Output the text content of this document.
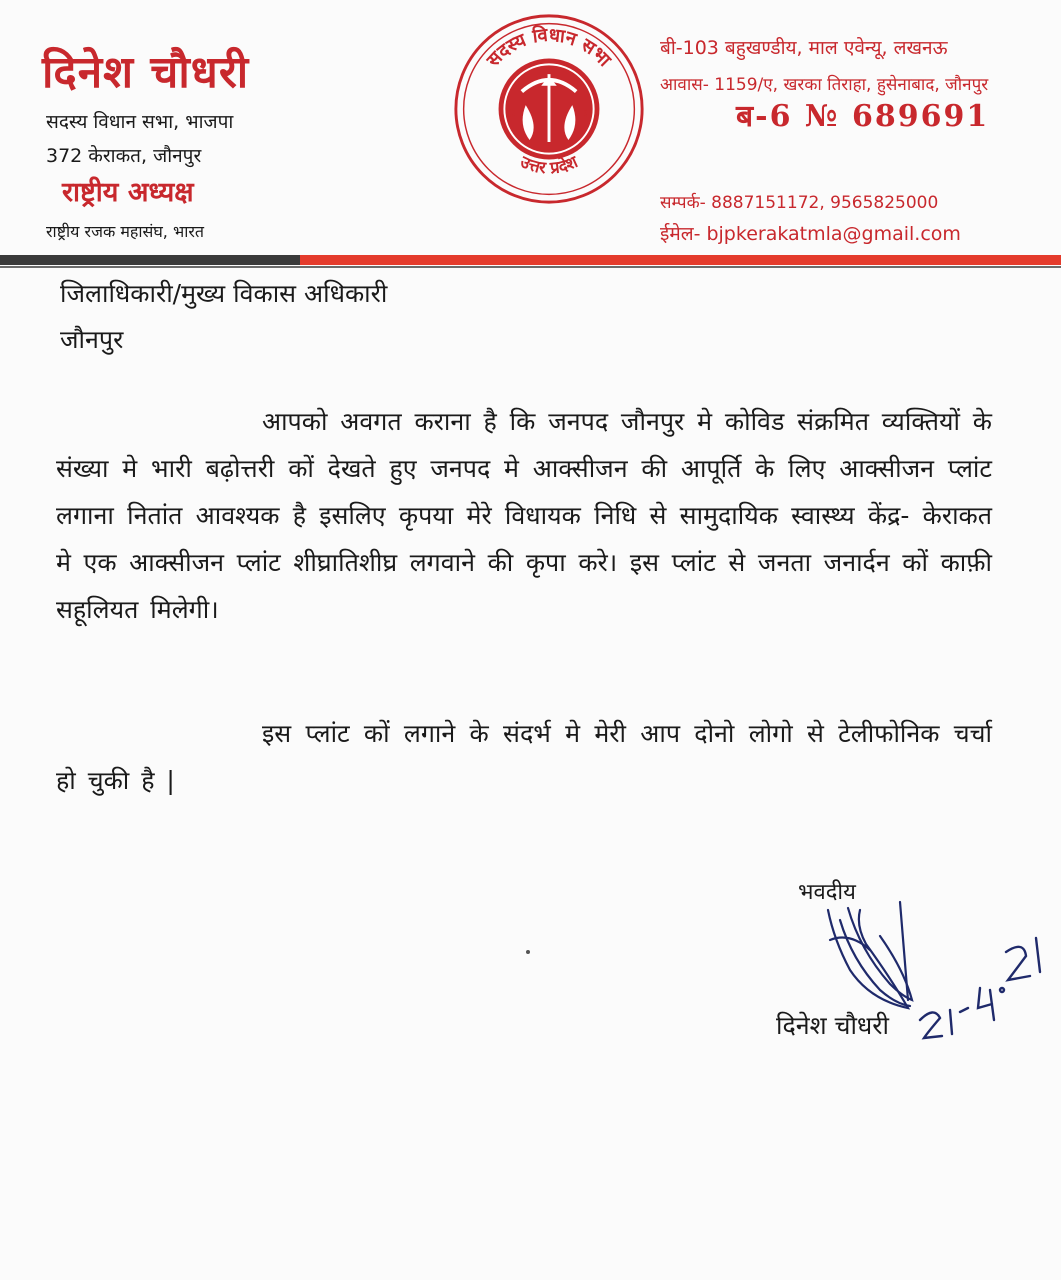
दिनेश चौधरी
सदस्य विधान सभा, भाजपा
372 केराकत, जौनपुर
राष्ट्रीय अध्यक्ष
राष्ट्रीय रजक महासंघ, भारत
✱	✱
सदस्य विधान सभा
उत्तर प्रदेश
बी-103 बहुखण्डीय, माल एवेन्यू, लखनऊ
आवास- 1159/ए, खरका तिराहा, हुसेनाबाद, जौनपुर
ब-6 № 689691
सम्पर्क- 8887151172, 9565825000
ईमेल- bjpkerakatmla@gmail.com
जिलाधिकारी/मुख्य विकास अधिकारी
जौनपुर
आपको अवगत कराना है कि जनपद जौनपुर मे कोविड संक्रमित व्यक्तियों के संख्या मे भारी बढ़ोत्तरी कों देखते हुए जनपद मे आक्सीजन की आपूर्ति के लिए आक्सीजन प्लांट लगाना नितांत आवश्यक है इसलिए कृपया मेरे विधायक निधि से सामुदायिक स्वास्थ्य केंद्र- केराकत मे एक आक्सीजन प्लांट शीघ्रातिशीघ्र लगवाने की कृपा करे। इस प्लांट से जनता जनार्दन कों काफ़ी सहूलियत मिलेगी।
इस प्लांट कों लगाने के संदर्भ मे मेरी आप दोनो लोगो से टेलीफोनिक चर्चा हो चुकी है |
भवदीय
दिनेश चौधरी
